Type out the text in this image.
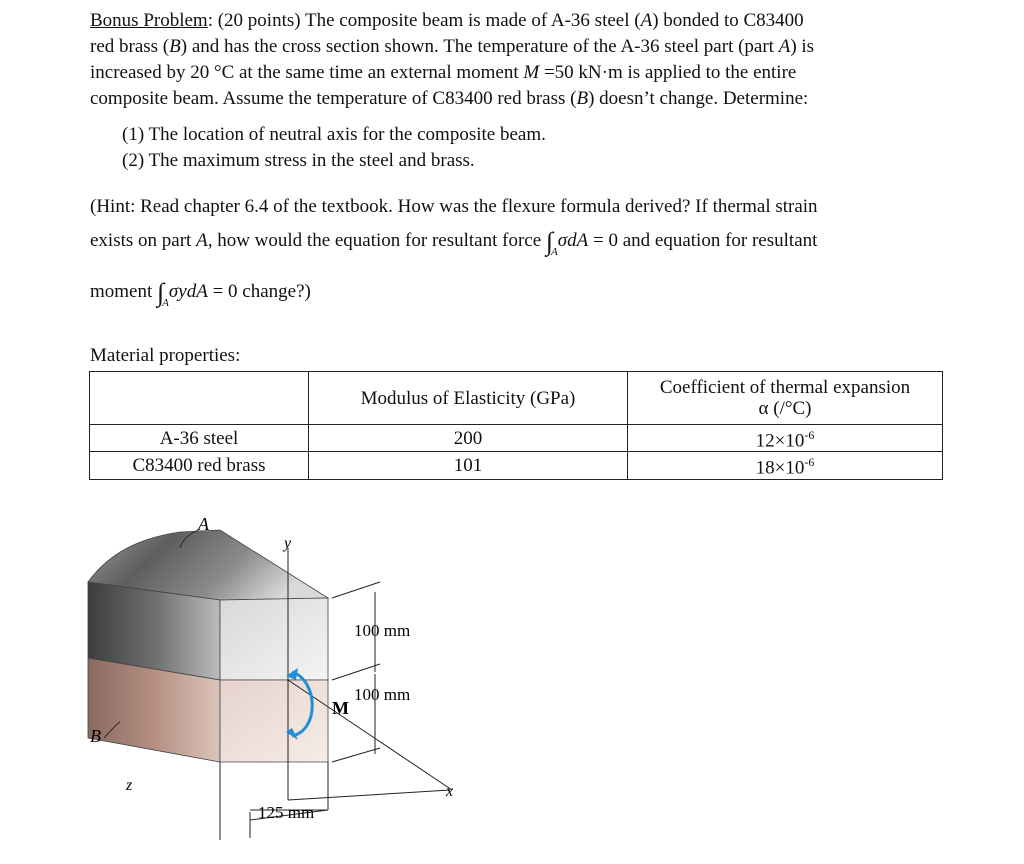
Bonus Problem: (20 points) The composite beam is made of A-36 steel (A) bonded to C83400
red brass (B) and has the cross section shown. The temperature of the A-36 steel part (part A) is
increased by 20 °C at the same time an external moment M =50 kN·m is applied to the entire
composite beam. Assume the temperature of C83400 red brass (B) doesn’t change. Determine:

(1) The location of neutral axis for the composite beam.
(2) The maximum stress in the steel and brass.
(Hint: Read chapter 6.4 of the textbook. How was the flexure formula derived? If thermal strain
exists on part A, how would the equation for resultant force $\int_A\sigma dA = 0$ and equation for resultant
moment $\int_A\sigma ydA = 0$ change?)
Material properties:
	Modulus of Elasticity (GPa)	Coefficient of thermal expansion
α (/°C)
A-36 steel	200	$12\times 10^{-6}$
C83400 red brass	101	$18\times 10^{-6}$
A
B
y
z	x
M
100 mm
100 mm
125 mm
